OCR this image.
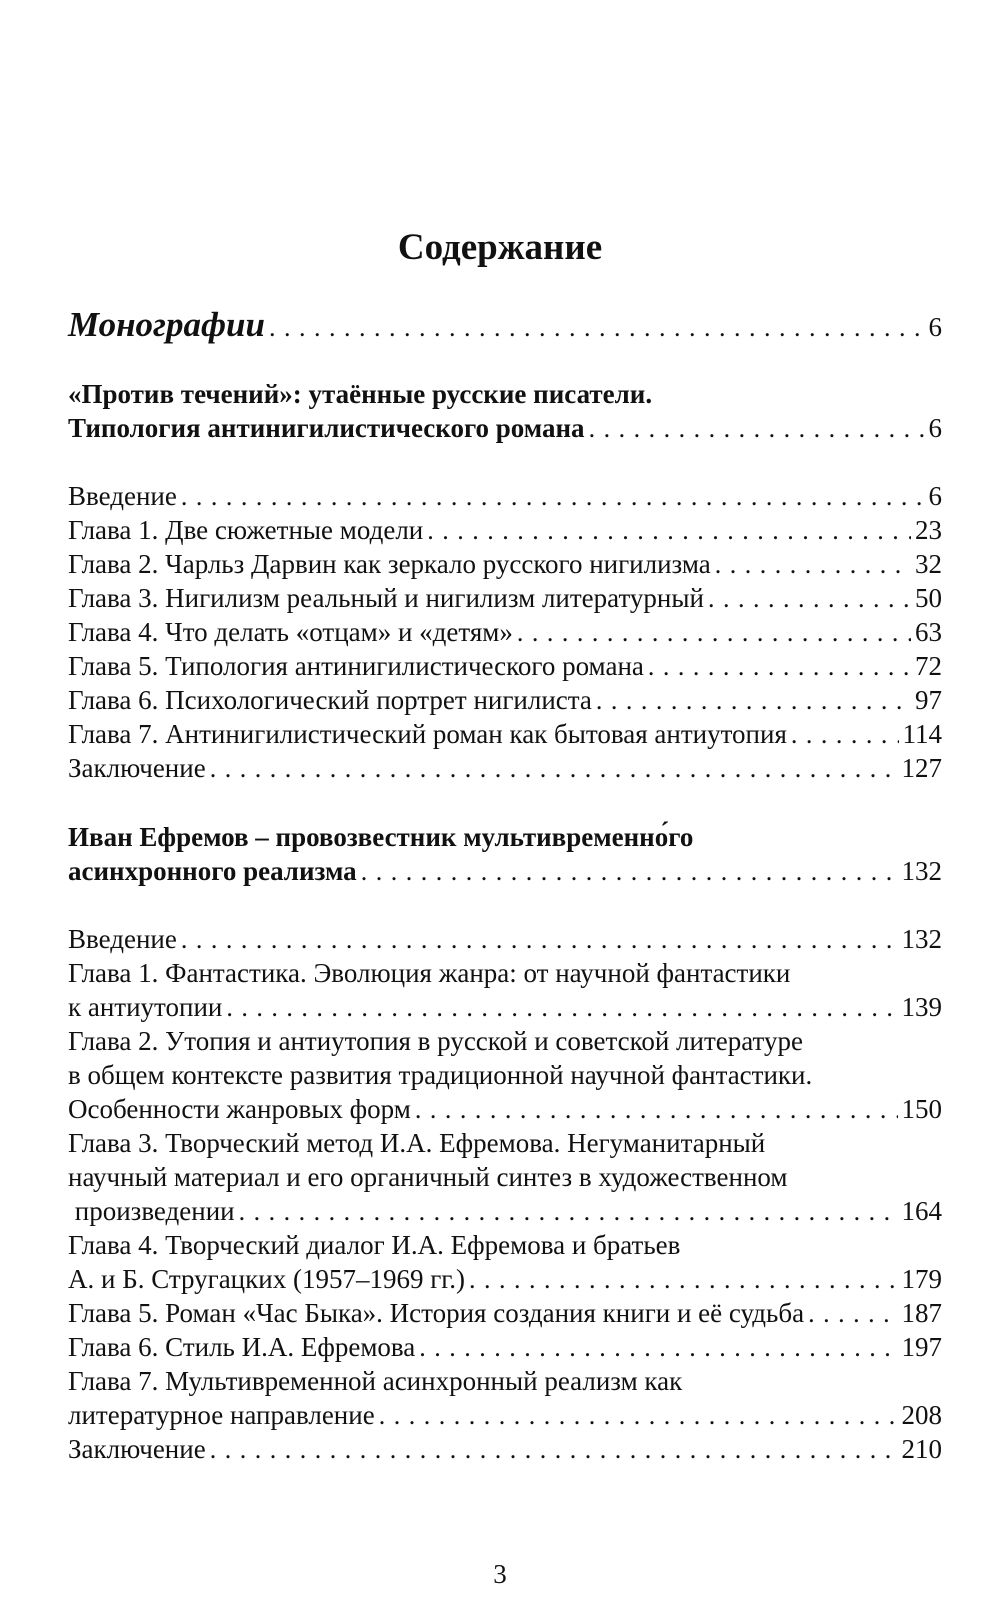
Содержание
Монографии . . .	6
«Против течений»: утаённые русские писатели.
Типология антинигилистического романа . . .	6
Введение . . .	6
Глава 1. Две сюжетные модели . . .	23
Глава 2. Чарльз Дарвин как зеркало русского нигилизма . . .	32
Глава 3. Нигилизм реальный и нигилизм литературный . . .	50
Глава 4. Что делать «отцам» и «детям» . . .	63
Глава 5. Типология антинигилистического романа . . .	72
Глава 6. Психологический портрет нигилиста . . .	97
Глава 7. Антинигилистический роман как бытовая антиутопия . . .	114
Заключение . . .	127
Иван Ефремов – провозвестник мультивременно́го
асинхронного реализма . . .	132
Введение . . .	132
Глава 1. Фантастика. Эволюция жанра: от научной фантастики
к антиутопии . . .	139
Глава 2. Утопия и антиутопия в русской и советской литературе
в общем контексте развития традиционной научной фантастики.
Особенности жанровых форм . . .	150
Глава 3. Творческий метод И.А. Ефремова. Негуманитарный
научный материал и его органичный синтез в художественном
произведении . . .	164
Глава 4. Творческий диалог И.А. Ефремова и братьев
А. и Б. Стругацких (1957–1969 гг.) . . .	179
Глава 5. Роман «Час Быка». История создания книги и её судьба . . .	187
Глава 6. Стиль И.А. Ефремова . . .	197
Глава 7. Мультивременной асинхронный реализм как
литературное направление . . .	208
Заключение . . .	210
3
